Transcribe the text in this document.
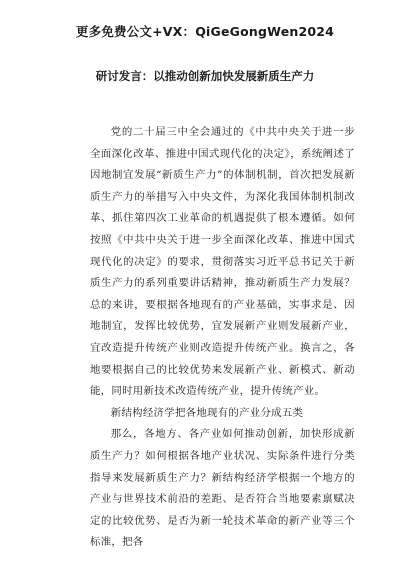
更多免费公文+VX：QiGeGongWen2024
研讨发言：以推动创新加快发展新质生产力

党的二十届三中全会通过的《中共中央关于进一步全面深化改革、推进中国式现代化的决定》，系统阐述了因地制宜发展“新质生产力”的体制机制，首次把发展新质生产力的举措写入中央文件，为深化我国体制机制改革、抓住第四次工业革命的机遇提供了根本遵循。如何按照《中共中央关于进一步全面深化改革、推进中国式现代化的决定》的要求，贯彻落实习近平总书记关于新质生产力的系列重要讲话精神，推动新质生产力发展？总的来讲，要根据各地现有的产业基础，实事求是、因地制宜，发挥比较优势，宜发展新产业则发展新产业，宜改造提升传统产业则改造提升传统产业。换言之，各地要根据自己的比较优势来发展新产业、新模式、新动能，同时用新技术改造传统产业，提升传统产业。

新结构经济学把各地现有的产业分成五类

那么，各地方、各产业如何推动创新，加快形成新质生产力？如何根据各地产业状况、实际条件进行分类指导来发展新质生产力？新结构经济学根据一个地方的产业与世界技术前沿的差距、是否符合当地要素禀赋决定的比较优势、是否为新一轮技术革命的新产业等三个标准，把各
